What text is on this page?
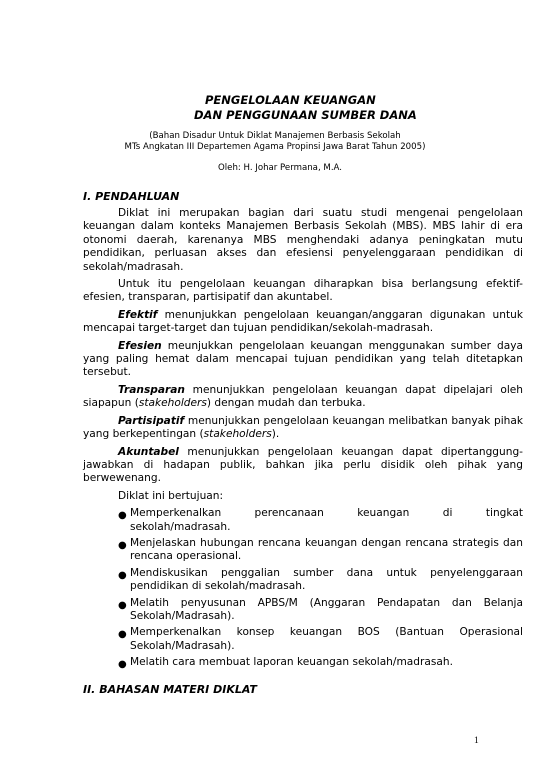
PENGELOLAAN KEUANGAN
DAN PENGGUNAAN SUMBER DANA
(Bahan Disadur Untuk Diklat Manajemen Berbasis Sekolah
MTs Angkatan III Departemen Agama Propinsi Jawa Barat Tahun 2005)
Oleh: H. Johar Permana, M.A.
I. PENDAHLUAN

Diklat ini merupakan bagian dari suatu studi mengenai pengelolaan keuangan dalam konteks Manajemen Berbasis Sekolah (MBS). MBS lahir di era otonomi daerah, karenanya MBS menghendaki adanya peningkatan mutu pendidikan, perluasan akses dan efesiensi penyelenggaraan pendidikan di sekolah/madrasah.

Untuk itu pengelolaan keuangan diharapkan bisa berlangsung efektif-efesien, transparan, partisipatif dan akuntabel.

Efektif menunjukkan pengelolaan keuangan/anggaran digunakan untuk mencapai target-target dan tujuan pendidikan/sekolah-madrasah.

Efesien meunjukkan pengelolaan keuangan menggunakan sumber daya yang paling hemat dalam mencapai tujuan pendidikan yang telah ditetapkan tersebut.

Transparan menunjukkan pengelolaan keuangan dapat dipelajari oleh siapapun (stakeholders) dengan mudah dan terbuka.

Partisipatif menunjukkan pengelolaan keuangan melibatkan banyak pihak yang berkepentingan (stakeholders).

Akuntabel menunjukkan pengelolaan keuangan dapat dipertanggung-jawabkan di hadapan publik, bahkan jika perlu disidik oleh pihak yang berwewenang.

Diklat ini bertujuan:

● Memperkenalkan	perencanaan	keuangan	di	tingkat
sekolah/madrasah.
● Menjelaskan hubungan rencana keuangan dengan rencana strategis dan rencana operasional.
● Mendiskusikan penggalian sumber dana untuk penyelenggaraan pendidikan di sekolah/madrasah.
● Melatih penyusunan APBS/M (Anggaran Pendapatan dan Belanja Sekolah/Madrasah).
● Memperkenalkan konsep keuangan BOS (Bantuan Operasional Sekolah/Madrasah).
● Melatih cara membuat laporan keuangan sekolah/madrasah.
II. BAHASAN MATERI DIKLAT
1
